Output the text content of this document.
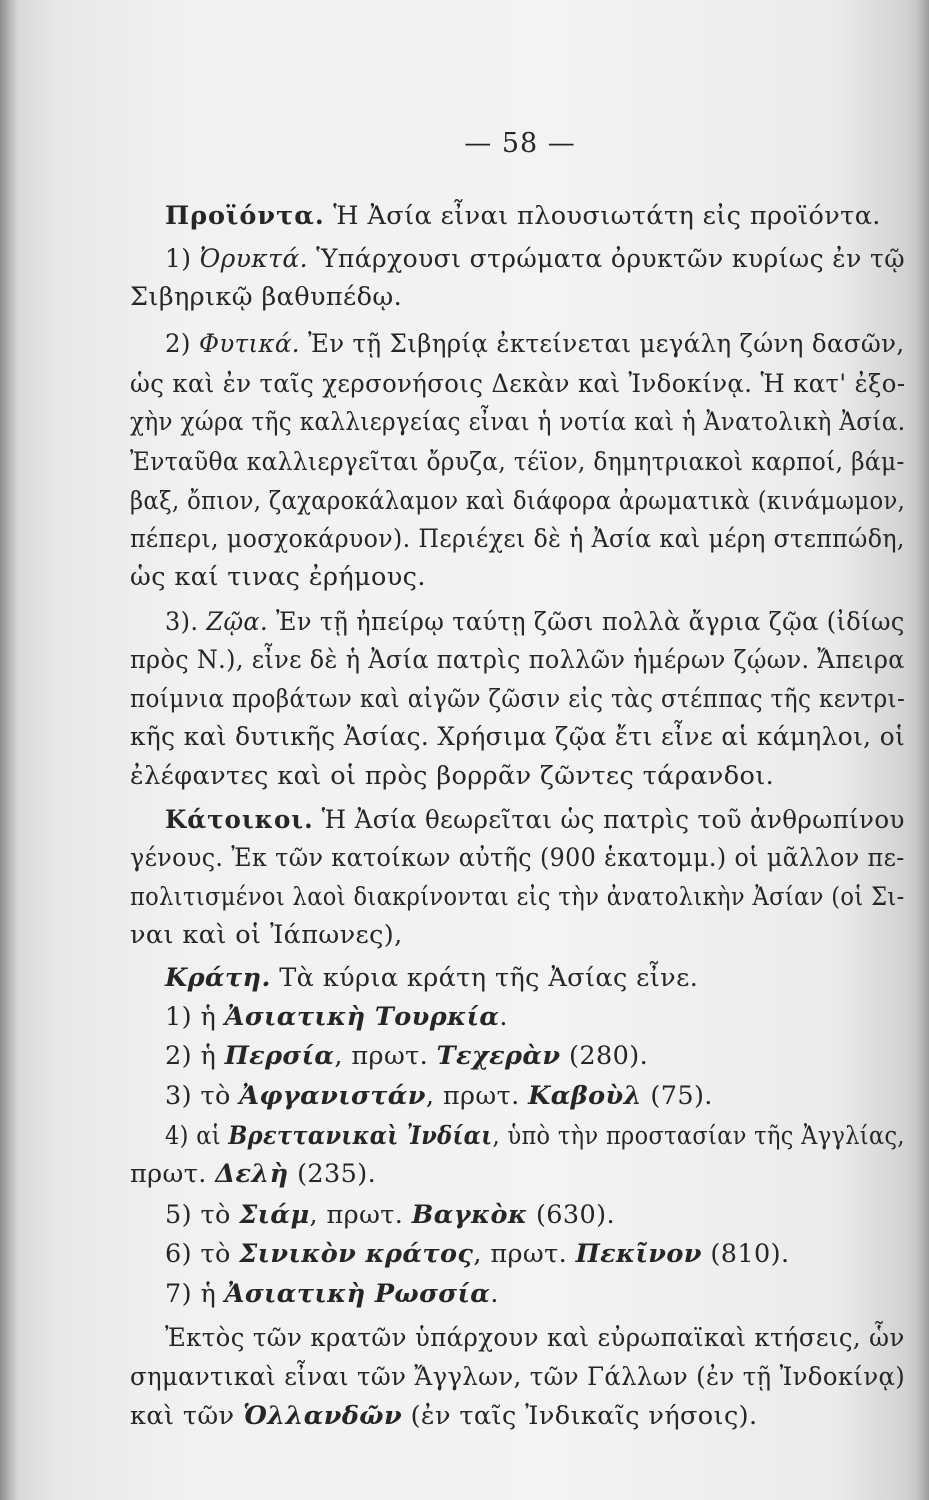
— 58 —
Προϊόντα. Ἡ Ἀσία εἶναι πλουσιωτάτη εἰς προϊόντα.
1) Ὀρυκτά. Ὑπάρχουσι στρώματα ὀρυκτῶν κυρίως ἐν τῷ
Σιβηρικῷ βαθυπέδῳ.
2) Φυτικά. Ἐν τῇ Σιβηρίᾳ ἐκτείνεται μεγάλη ζώνη δασῶν,
ὡς καὶ ἐν ταῖς χερσονήσοις Δεκὰν καὶ Ἰνδοκίνᾳ. Ἡ κατ' ἐξο-
χὴν χώρα τῆς καλλιεργείας εἶναι ἡ νοτία καὶ ἡ Ἀνατολικὴ Ἀσία.
Ἐνταῦθα καλλιεργεῖται ὄρυζα, τέϊον, δημητριακοὶ καρποί, βάμ-
βαξ, ὄπιον, ζαχαροκάλαμον καὶ διάφορα ἀρωματικὰ (κινάμωμον,
πέπερι, μοσχοκάρυον). Περιέχει δὲ ἡ Ἀσία καὶ μέρη στεππώδη,
ὡς καί τινας ἐρήμους.
3). Ζῷα. Ἐν τῇ ἠπείρῳ ταύτῃ ζῶσι πολλὰ ἄγρια ζῷα (ἰδίως
πρὸς Ν.), εἶνε δὲ ἡ Ἀσία πατρὶς πολλῶν ἡμέρων ζῴων. Ἄπειρα
ποίμνια προβάτων καὶ αἰγῶν ζῶσιν εἰς τὰς στέππας τῆς κεντρι-
κῆς καὶ δυτικῆς Ἀσίας. Χρήσιμα ζῷα ἔτι εἶνε αἱ κάμηλοι, οἱ
ἐλέφαντες καὶ οἱ πρὸς βορρᾶν ζῶντες τάρανδοι.
Κάτοικοι. Ἡ Ἀσία θεωρεῖται ὡς πατρὶς τοῦ ἀνθρωπίνου
γένους. Ἐκ τῶν κατοίκων αὐτῆς (900 ἑκατομμ.) οἱ μᾶλλον πε-
πολιτισμένοι λαοὶ διακρίνονται εἰς τὴν ἀνατολικὴν Ἀσίαν (οἱ Σι-
ναι καὶ οἱ Ἰάπωνες),
Κράτη. Τὰ κύρια κράτη τῆς Ἀσίας εἶνε.
1) ἡ Ἀσιατικὴ Τουρκία.
2) ἡ Περσία, πρωτ. Τεχερὰν (280).
3) τὸ Ἀφγανιστάν, πρωτ. Καβοὺλ (75).
4) αἱ Βρεττανικαὶ Ἰνδίαι, ὑπὸ τὴν προστασίαν τῆς Ἀγγλίας,
πρωτ. Δελὴ (235).
5) τὸ Σιάμ, πρωτ. Βαγκὸκ (630).
6) τὸ Σινικὸν κράτος, πρωτ. Πεκῖνον (810).
7) ἡ Ἀσιατικὴ Ρωσσία.
Ἐκτὸς τῶν κρατῶν ὑπάρχουν καὶ εὐρωπαϊκαὶ κτήσεις, ὧν
σημαντικαὶ εἶναι τῶν Ἄγγλων, τῶν Γάλλων (ἐν τῇ Ἰνδοκίνᾳ)
καὶ τῶν Ὁλλανδῶν (ἐν ταῖς Ἰνδικαῖς νήσοις).
